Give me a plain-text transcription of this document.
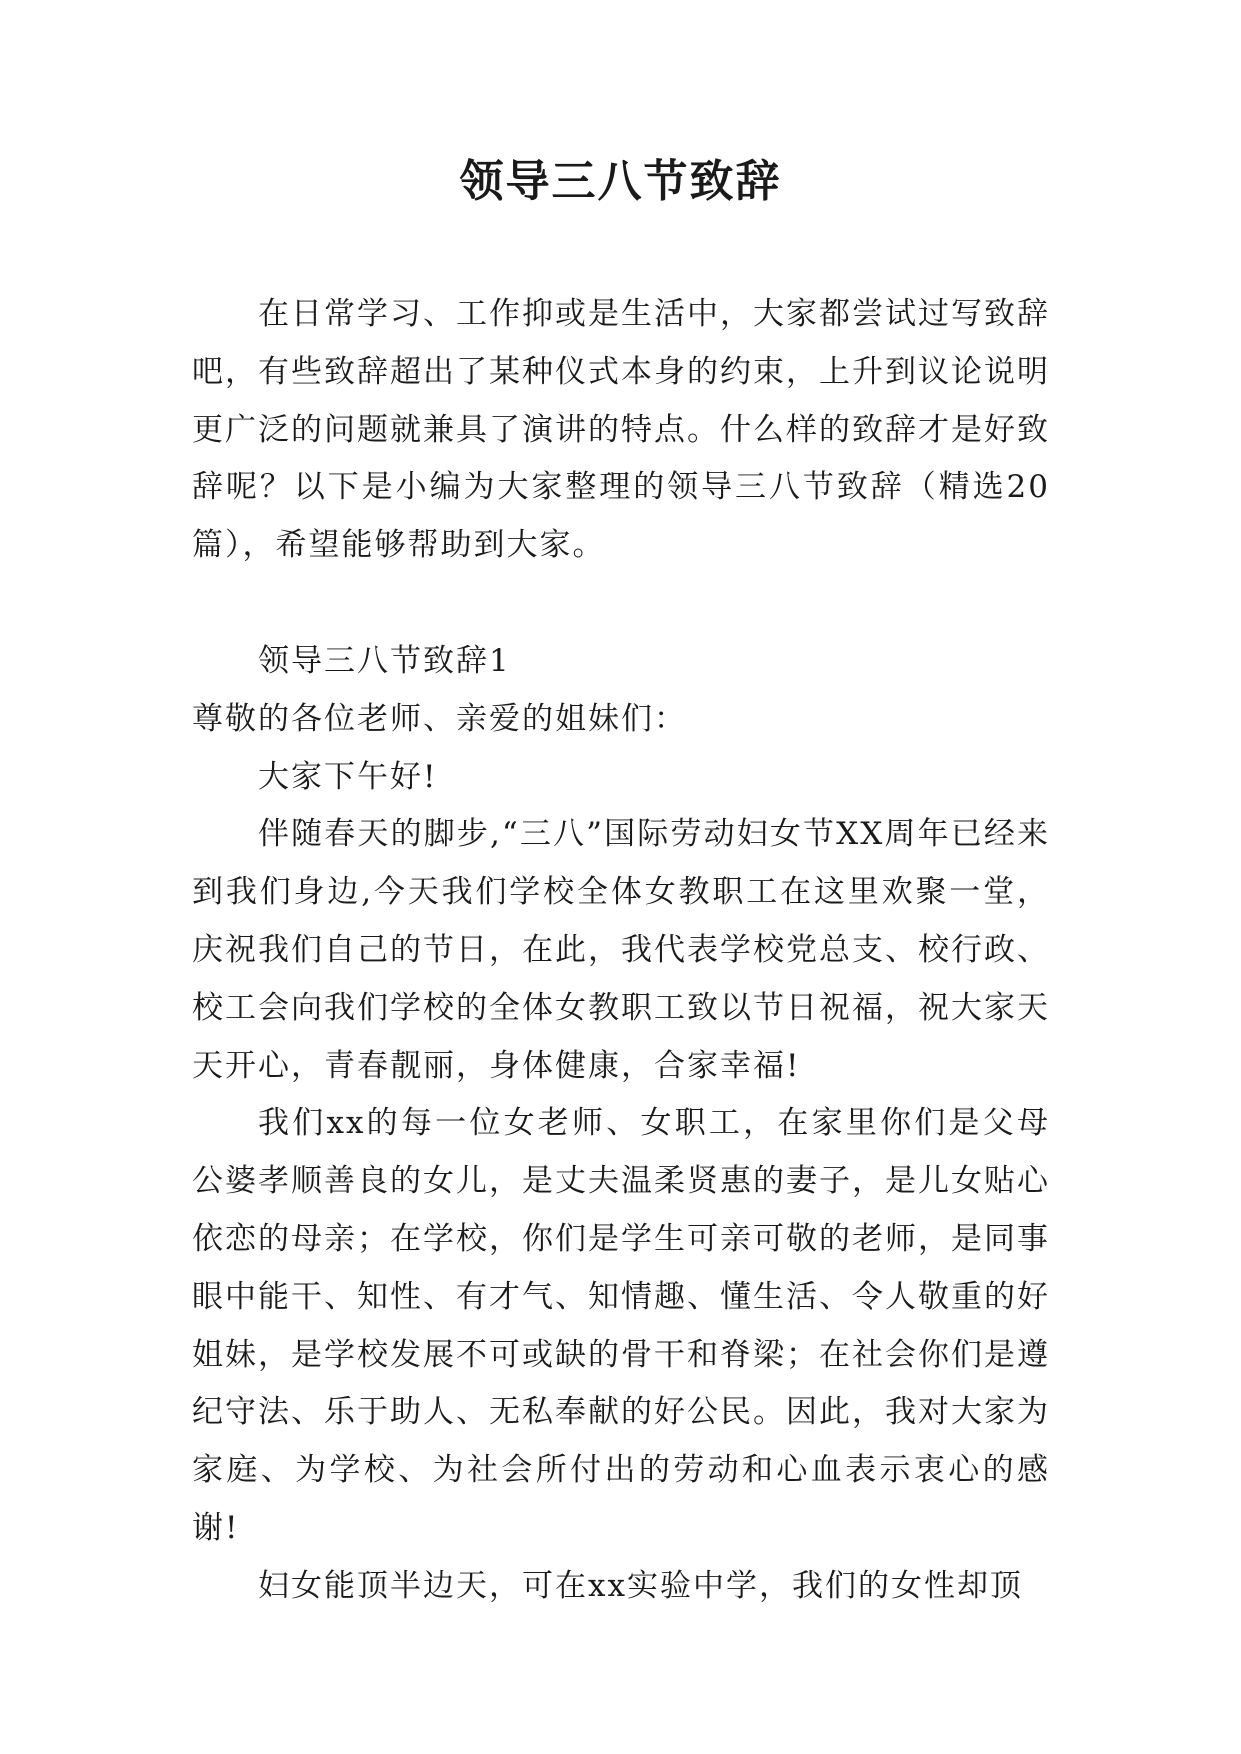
领导三八节致辞

在日常学习、工作抑或是生活中，大家都尝试过写致辞吧，有些致辞超出了某种仪式本身的约束，上升到议论说明更广泛的问题就兼具了演讲的特点。什么样的致辞才是好致辞呢？以下是小编为大家整理的领导三八节致辞（精选20篇），希望能够帮助到大家。

领导三八节致辞1

尊敬的各位老师、亲爱的姐妹们：

大家下午好!

伴随春天的脚步,“三八”国际劳动妇女节XX周年已经来到我们身边,今天我们学校全体女教职工在这里欢聚一堂，庆祝我们自己的节日，在此，我代表学校党总支、校行政、校工会向我们学校的全体女教职工致以节日祝福，祝大家天天开心，青春靓丽，身体健康，合家幸福!

我们xx的每一位女老师、女职工，在家里你们是父母公婆孝顺善良的女儿，是丈夫温柔贤惠的妻子，是儿女贴心依恋的母亲；在学校，你们是学生可亲可敬的老师，是同事眼中能干、知性、有才气、知情趣、懂生活、令人敬重的好姐妹，是学校发展不可或缺的骨干和脊梁；在社会你们是遵纪守法、乐于助人、无私奉献的好公民。因此，我对大家为家庭、为学校、为社会所付出的劳动和心血表示衷心的感谢!

妇女能顶半边天，可在xx实验中学，我们的女性却顶
